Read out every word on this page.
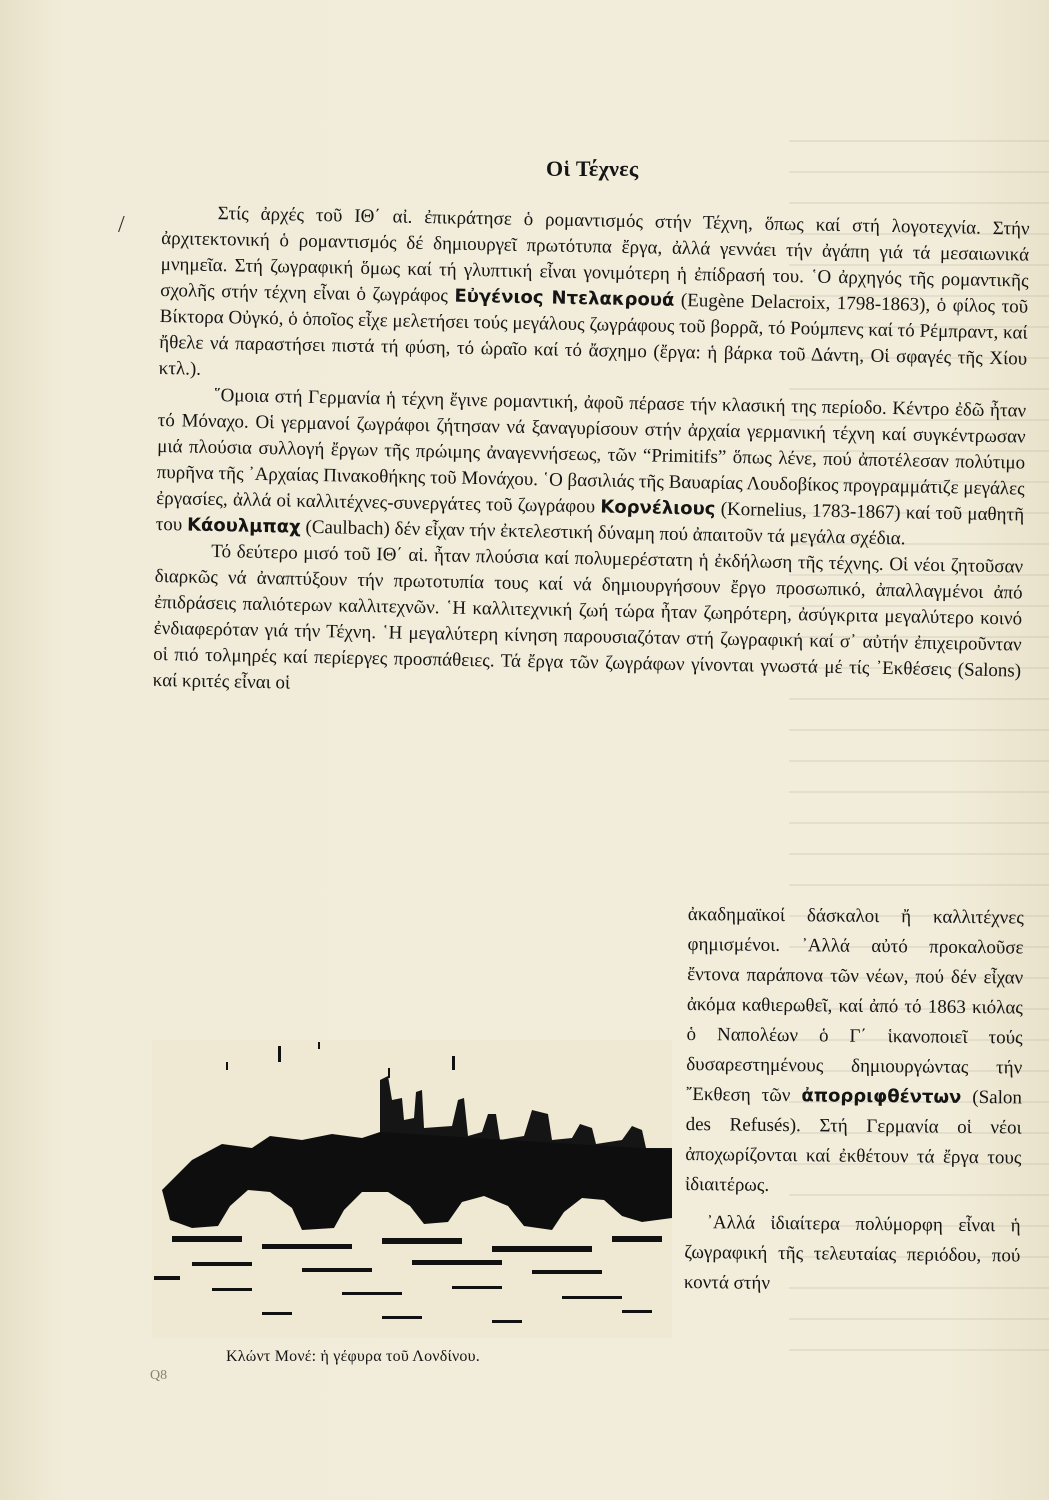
Οἱ Τέχνες
/	Στίς ἀρχές τοῦ ΙΘ΄ αἰ. ἐπικράτησε ὁ ρομαντισμός στήν Τέχνη, ὅπως καί στή λογοτεχνία. Στήν ἀρχιτεκτονική ὁ ρομαντισμός δέ δημιουργεῖ πρωτότυπα ἔργα, ἀλλά γεννάει τήν ἀγάπη γιά τά μεσαιωνικά μνημεῖα. Στή ζωγραφική ὅμως καί τή γλυπτική εἶναι γονιμότερη ἡ ἐπίδρασή του. ῾Ο ἀρχηγός τῆς ρομαντικῆς σχολῆς στήν τέχνη εἶναι ὁ ζωγράφος Εὐγένιος Ντελακρουά (Eugène Delacroix, 1798-1863), ὁ φίλος τοῦ Βίκτορα Οὐγκό, ὁ ὁποῖος εἶχε μελετήσει τούς μεγάλους ζωγράφους τοῦ βορρᾶ, τό Ρούμπενς καί τό Ρέμπραντ, καί ἤθελε νά παραστήσει πιστά τή φύση, τό ὡραῖο καί τό ἄσχημο (ἔργα: ἡ βάρκα τοῦ Δάντη, Οἱ σφαγές τῆς Χίου κτλ.).

῞Ομοια στή Γερμανία ἡ τέχνη ἔγινε ρομαντική, ἀφοῦ πέρασε τήν κλασική της περίοδο. Κέντρο ἐδῶ ἦταν τό Μόναχο. Οἱ γερμανοί ζωγράφοι ζήτησαν νά ξαναγυρίσουν στήν ἀρχαία γερμανική τέχνη καί συγκέντρωσαν μιά πλούσια συλλογή ἔργων τῆς πρώιμης ἀναγεννήσεως, τῶν “Primitifs” ὅπως λένε, πού ἀποτέλεσαν πολύτιμο πυρῆνα τῆς ᾿Αρχαίας Πινακοθήκης τοῦ Μονάχου. ῾Ο βασιλιάς τῆς Βαυαρίας Λουδοβίκος προγραμμάτιζε μεγάλες ἐργασίες, ἀλλά οἱ καλλιτέχνες-συνεργάτες τοῦ ζωγράφου Κορνέλιους (Kornelius, 1783-1867) καί τοῦ μαθητῆ του Κάουλμπαχ (Caulbach) δέν εἶχαν τήν ἐκτελεστική δύναμη πού ἀπαιτοῦν τά μεγάλα σχέδια.

Τό δεύτερο μισό τοῦ ΙΘ΄ αἰ. ἦταν πλούσια καί πολυμερέστατη ἡ ἐκδήλωση τῆς τέχνης. Οἱ νέοι ζητοῦσαν διαρκῶς νά ἀναπτύξουν τήν πρωτοτυπία τους καί νά δημιουργήσουν ἔργο προσωπικό, ἀπαλλαγμένοι ἀπό ἐπιδράσεις παλιότερων καλλιτεχνῶν. ῾Η καλλιτεχνική ζωή τώρα ἦταν ζωηρότερη, ἀσύγκριτα μεγαλύτερο κοινό ἐνδιαφερόταν γιά τήν Τέχνη. ῾Η μεγαλύτερη κίνηση παρουσιαζόταν στή ζωγραφική καί σ᾿ αὐτήν ἐπιχειροῦνταν οἱ πιό τολμηρές καί περίεργες προσπάθειες. Τά ἔργα τῶν ζωγράφων γίνονται γνωστά μέ τίς ᾿Εκθέσεις (Salons) καί κριτές εἶναι οἱ

ἀκαδημαϊκοί δάσκαλοι ἤ καλλιτέχνες φημισμένοι. ᾿Αλλά αὐτό προκαλοῦσε ἔντονα παράπονα τῶν νέων, πού δέν εἶχαν ἀκόμα καθιερωθεῖ, καί ἀπό τό 1863 κιόλας ὁ Ναπολέων ὁ Γ΄ ἱκανοποιεῖ τούς δυσαρεστημένους δημιουργώντας τήν ῎Εκθεση τῶν ἀπορριφθέντων (Salon des Refusés). Στή Γερμανία οἱ νέοι ἀποχωρίζονται καί ἐκθέτουν τά ἔργα τους ἰδιαιτέρως.

᾿Αλλά ἰδιαίτερα πολύμορφη εἶναι ἡ ζωγραφική τῆς τελευταίας περιόδου, πού κοντά στήν

Κλώντ Μονέ: ἡ γέφυρα τοῦ Λονδίνου.
Q8
